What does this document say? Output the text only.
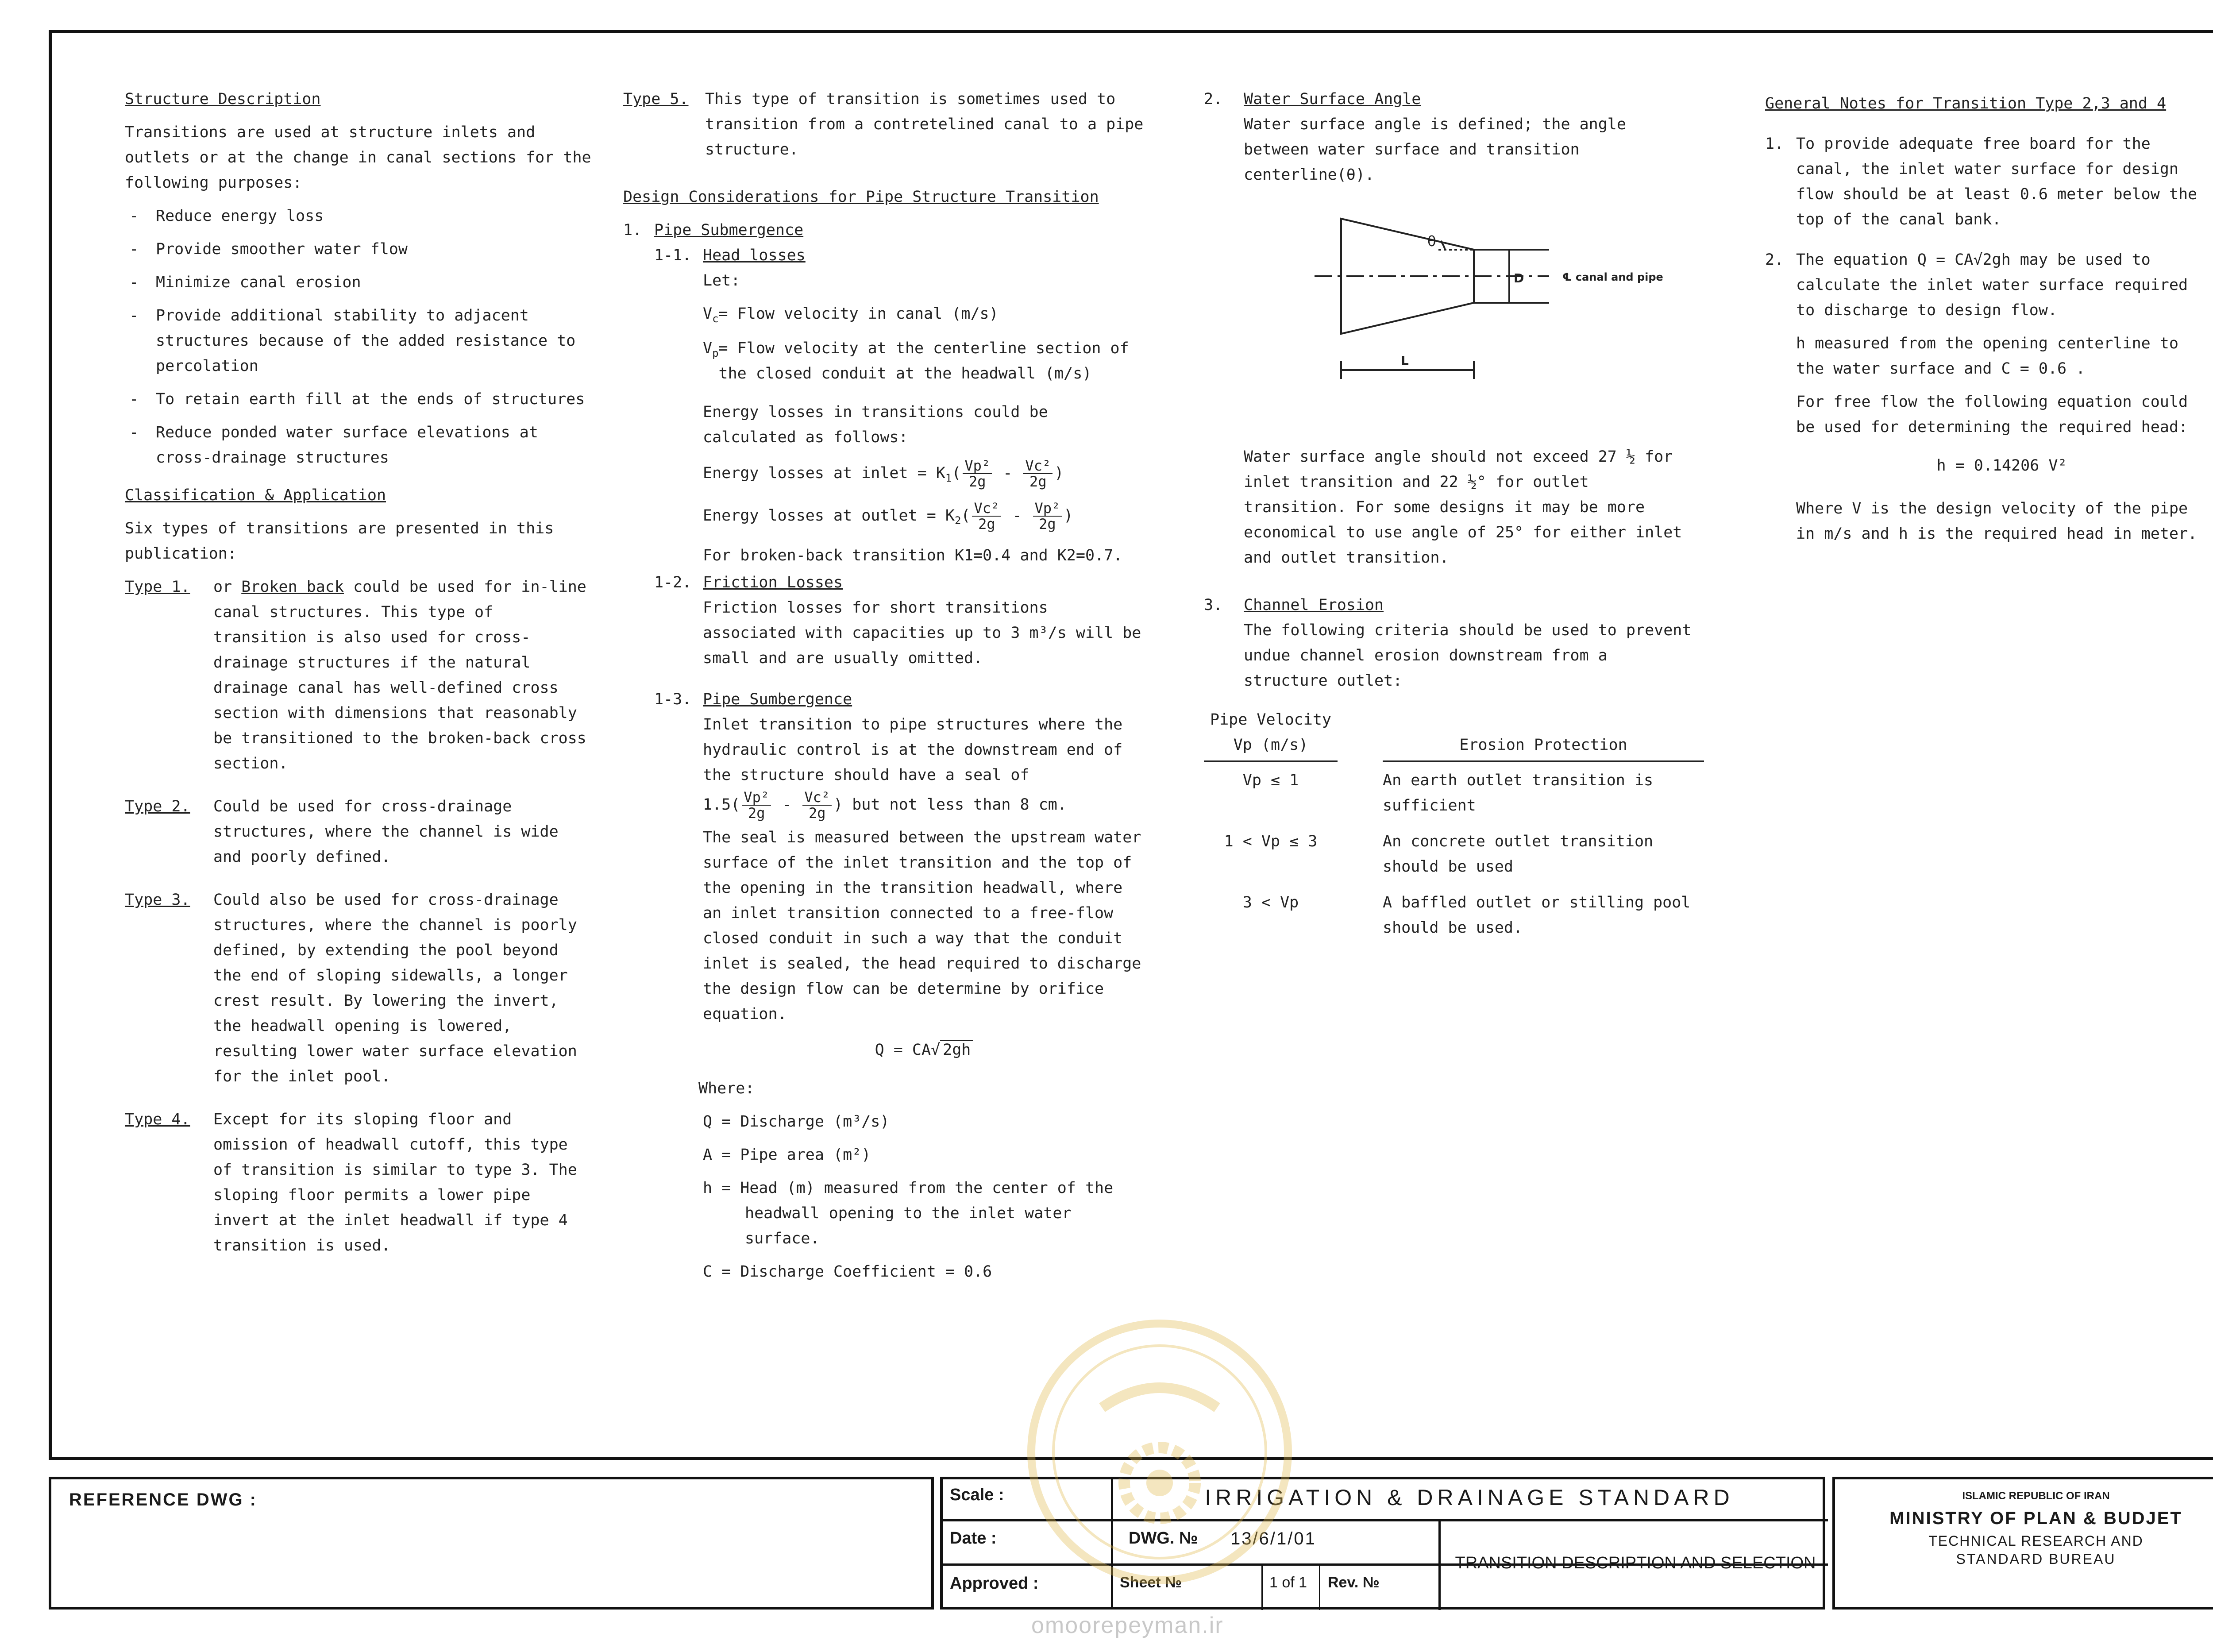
Structure Description

Transitions are used at structure inlets and outlets or at the change in canal sections for the following purposes:

- Reduce energy loss
- Provide smoother water flow
- Minimize canal erosion
- Provide additional stability to adjacent structures because of the added resistance to percolation
- To retain earth fill at the ends of structures
- Reduce ponded water surface elevations at cross-drainage structures

Classification & Application

Six types of transitions are presented in this publication:

Type 1.	or Broken back could be used for in-line canal structures. This type of transition is also used for cross-drainage structures if the natural drainage canal has well-defined cross section with dimensions that reasonably be transitioned to the broken-back cross section.
Type 2.	Could be used for cross-drainage structures, where the channel is wide and poorly defined.
Type 3.	Could also be used for cross-drainage structures, where the channel is poorly defined, by extending the pool beyond the end of sloping sidewalls, a longer crest result. By lowering the invert, the headwall opening is lowered, resulting lower water surface elevation for the inlet pool.
Type 4.	Except for its sloping floor and omission of headwall cutoff, this type of transition is similar to type 3. The sloping floor permits a lower pipe invert at the inlet headwall if type 4 transition is used.
Type 5.	This type of transition is sometimes used to transition from a contretelined canal to a pipe structure.

Design Considerations for Pipe Structure Transition

1. Pipe Submergence
1-1. Head losses

Let:

$V_c$ = Flow velocity in canal (m/s)
$V_p$ = Flow velocity at the centerline section of the closed conduit at the headwall (m/s)

Energy losses in transitions could be calculated as follows:

Energy losses at inlet = $K_1( \frac{\text{Vp²}}{2g} - \frac{\text{Vc²}}{2g}$ )
Energy losses at outlet = $K_2( \frac{\text{Vc²}}{2g} - \frac{\text{Vp²}}{2g}$ )

For broken-back transition K1=0.4 and K2=0.7.

1-2. Friction Losses

Friction losses for short transitions associated with capacities up to 3 m³/s will be small and are usually omitted.

1-3. Pipe Sumbergence

Inlet transition to pipe structures where the hydraulic control is at the downstream end of the structure should have a seal of

$1.5( \frac{\text{Vp²}}{2g} - \frac{\text{Vc²}}{2g}$ ) but not less than 8 cm.

The seal is measured between the upstream water surface of the inlet transition and the top of the opening in the transition headwall, where an inlet transition connected to a free-flow closed conduit in such a way that the conduit inlet is sealed, the head required to discharge the design flow can be determine by orifice equation.

Q = CA√ 2gh

Where:

Q = Discharge (m³/s)

A = Pipe area (m²)

h = Head (m) measured from the center of the headwall opening to the inlet water surface.

C = Discharge Coefficient = 0.6

2.	Water Surface Angle

Water surface angle is defined; the angle between water surface and transition centerline(θ).

θ
D	℄ canal and pipe
L

Water surface angle should not exceed 27 ½ for inlet transition and 22 ½° for outlet transition. For some designs it may be more economical to use angle of 25° for either inlet and outlet transition.

3.	Channel Erosion

The following criteria should be used to prevent undue channel erosion downstream from a structure outlet:

Pipe Velocity
Vp (m/s)		Erosion Protection
Vp ≤ 1		An earth outlet transition is sufficient
1 < Vp ≤ 3		An concrete outlet transition should be used
3 < Vp		A baffled outlet or stilling pool should be used.

General Notes for Transition Type 2,3 and 4

1. To provide adequate free board for the canal, the inlet water surface for design flow should be at least 0.6 meter below the top of the canal bank.
2. The equation Q = CA√2gh may be used to calculate the inlet water surface required to discharge to design flow.

h measured from the opening centerline to the water surface and C = 0.6 .

For free flow the following equation could be used for determining the required head:

h = 0.14206 V²

Where V is the design velocity of the pipe in m/s and h is the required head in meter.

REFERENCE DWG :	Scale :
Date :
Approved :
IRRIGATION & DRAINAGE STANDARD
DWG. № 13/6/1/01
Sheet №	1 of 1 Rev. №
TRANSITION DESCRIPTION AND SELECTION
ISLAMIC REPUBLIC OF IRAN
MINISTRY OF PLAN & BUDJET
TECHNICAL RESEARCH AND
STANDARD BUREAU
omoorepeyman.ir
